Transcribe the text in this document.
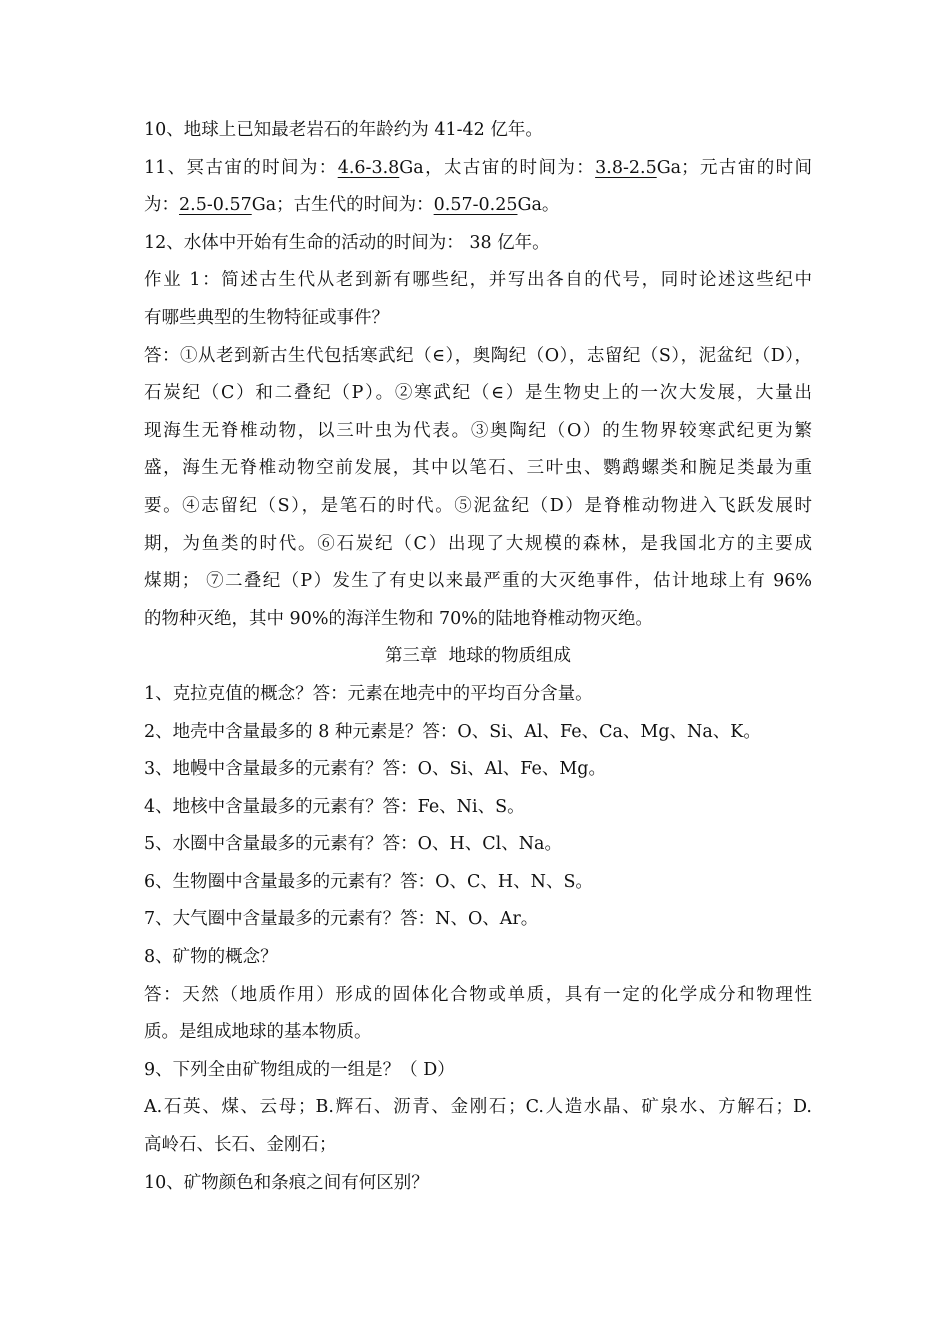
10、地球上已知最老岩石的年龄约为 41-42 亿年。
11、冥古宙的时间为：4.6-3.8Ga，太古宙的时间为：3.8-2.5Ga；元古宙的时间
为：2.5-0.57Ga；古生代的时间为：0.57-0.25Ga。
12、水体中开始有生命的活动的时间为： 38 亿年。
作业 1：简述古生代从老到新有哪些纪，并写出各自的代号，同时论述这些纪中
有哪些典型的生物特征或事件？
答：①从老到新古生代包括寒武纪（∈），奥陶纪（O），志留纪（S），泥盆纪（D），
石炭纪（C）和二叠纪（P）。②寒武纪（∈）是生物史上的一次大发展，大量出
现海生无脊椎动物，以三叶虫为代表。③奥陶纪（O）的生物界较寒武纪更为繁
盛，海生无脊椎动物空前发展，其中以笔石、三叶虫、鹦鹉螺类和腕足类最为重
要。④志留纪（S），是笔石的时代。⑤泥盆纪（D）是脊椎动物进入飞跃发展时
期，为鱼类的时代。⑥石炭纪（C）出现了大规模的森林，是我国北方的主要成
煤期； ⑦二叠纪（P）发生了有史以来最严重的大灭绝事件，估计地球上有 96%
的物种灭绝，其中 90%的海洋生物和 70%的陆地脊椎动物灭绝。
第三章  地球的物质组成
1、克拉克值的概念？答：元素在地壳中的平均百分含量。
2、地壳中含量最多的 8 种元素是？答：O、Si、Al、Fe、Ca、Mg、Na、K。
3、地幔中含量最多的元素有？答：O、Si、Al、Fe、Mg。
4、地核中含量最多的元素有？答：Fe、Ni、S。
5、水圈中含量最多的元素有？答：O、H、Cl、Na。
6、生物圈中含量最多的元素有？答：O、C、H、N、S。
7、大气圈中含量最多的元素有？答：N、O、Ar。
8、矿物的概念？
答：天然（地质作用）形成的固体化合物或单质，具有一定的化学成分和物理性
质。是组成地球的基本物质。
9、下列全由矿物组成的一组是？（ D）
A.石英、煤、云母；B.辉石、沥青、金刚石；C.人造水晶、矿泉水、方解石；D.
高岭石、长石、金刚石；
10、矿物颜色和条痕之间有何区别？
